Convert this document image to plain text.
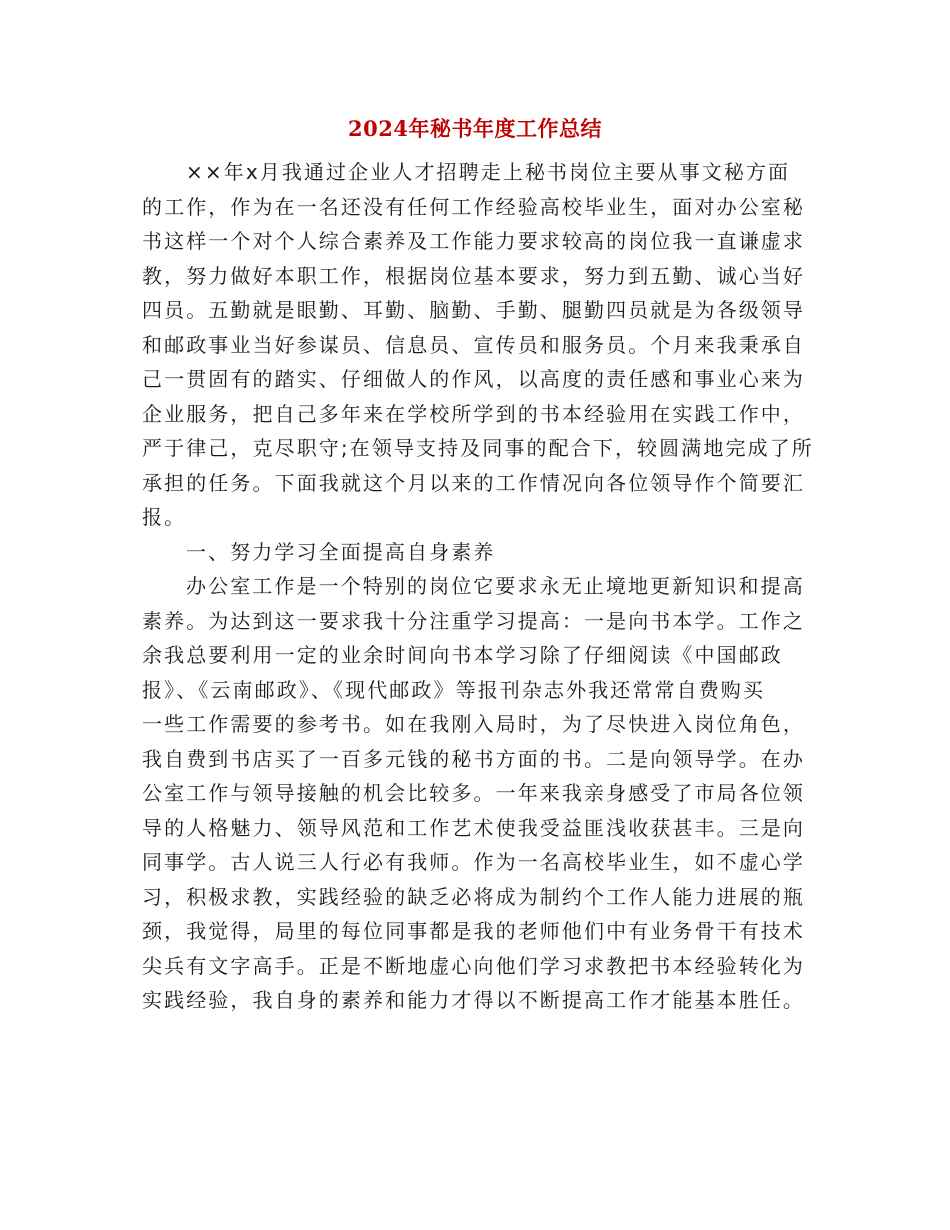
2024年秘书年度工作总结
××年x月我通过企业人才招聘走上秘书岗位主要从事文秘方面
的工作，作为在一名还没有任何工作经验高校毕业生，面对办公室秘
书这样一个对个人综合素养及工作能力要求较高的岗位我一直谦虚求
教，努力做好本职工作，根据岗位基本要求，努力到五勤、诚心当好
四员。五勤就是眼勤、耳勤、脑勤、手勤、腿勤四员就是为各级领导
和邮政事业当好参谋员、信息员、宣传员和服务员。个月来我秉承自
己一贯固有的踏实、仔细做人的作风，以高度的责任感和事业心来为
企业服务，把自己多年来在学校所学到的书本经验用在实践工作中，
严于律己，克尽职守;在领导支持及同事的配合下，较圆满地完成了所
承担的任务。下面我就这个月以来的工作情况向各位领导作个简要汇
报。
一、努力学习全面提高自身素养
办公室工作是一个特别的岗位它要求永无止境地更新知识和提高
素养。为达到这一要求我十分注重学习提高：一是向书本学。工作之
余我总要利用一定的业余时间向书本学习除了仔细阅读《中国邮政
报》、《云南邮政》、《现代邮政》等报刊杂志外我还常常自费购买
一些工作需要的参考书。如在我刚入局时，为了尽快进入岗位角色，
我自费到书店买了一百多元钱的秘书方面的书。二是向领导学。在办
公室工作与领导接触的机会比较多。一年来我亲身感受了市局各位领
导的人格魅力、领导风范和工作艺术使我受益匪浅收获甚丰。三是向
同事学。古人说三人行必有我师。作为一名高校毕业生，如不虚心学
习，积极求教，实践经验的缺乏必将成为制约个工作人能力进展的瓶
颈，我觉得，局里的每位同事都是我的老师他们中有业务骨干有技术
尖兵有文字高手。正是不断地虚心向他们学习求教把书本经验转化为
实践经验，我自身的素养和能力才得以不断提高工作才能基本胜任。
